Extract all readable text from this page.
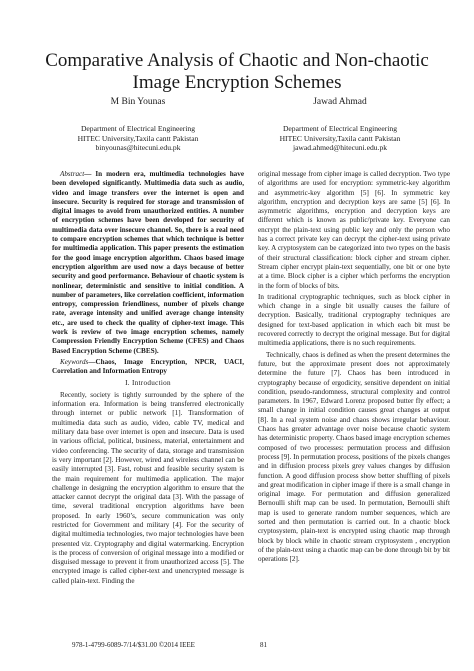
Comparative Analysis of Chaotic and Non-chaotic
Image Encryption Schemes
M Bin Younas
Department of Electrical Engineering
HITEC University,Taxila cantt Pakistan
binyounas@hitecuni.edu.pk
Jawad Ahmad
Department of Electrical Engineering
HITEC University,Taxila cantt Pakistan
jawad.ahmed@hitecuni.edu.pk

Abstract— In modern era, multimedia technologies have been developed significantly. Multimedia data such as audio, video and image transfers over the internet is open and insecure. Security is required for storage and transmission of digital images to avoid from unauthorized entities. A number of encryption schemes have been developed for security of multimedia data over insecure channel. So, there is a real need to compare encryption schemes that which technique is better for multimedia application. This paper presents the estimation for the good image encryption algorithm. Chaos based image encryption algorithm are used now a days because of better security and good performance. Behaviour of chaotic system is nonlinear, deterministic and sensitive to initial condition. A number of parameters, like correlation coefficient, information entropy, compression friendliness, number of pixels change rate, average intensity and unified average change intensity etc., are used to check the quality of cipher-text image. This work is review of two image encryption schemes, namely Compression Friendly Encryption Scheme (CFES) and Chaos Based Encryption Scheme (CBES).

Keywords—Chaos, Image Encryption, NPCR, UACI, Correlation and Information Entropy

I. Introduction

Recently, society is tightly surrounded by the sphere of the information era. Information is being transferred electronically through internet or public network [1]. Transformation of multimedia data such as audio, video, cable TV, medical and military data base over internet is open and insecure. Data is used in various official, political, business, material, entertainment and video conferencing. The security of data, storage and transmission is very important [2]. However, wired and wireless channel can be easily interrupted [3]. Fast, robust and feasible security system is the main requirement for multimedia application. The major challenge in designing the encryption algorithm to ensure that the attacker cannot decrypt the original data [3]. With the passage of time, several traditional encryption algorithms have been proposed. In early 1960’s, secure communication was only restricted for Government and military [4]. For the security of digital multimedia technologies, two major technologies have been presented viz. Cryptography and digital watermarking. Encryption is the process of conversion of original message into a modified or disguised message to prevent it from unauthorized access [5]. The encrypted image is called cipher-text and unencrypted message is called plain-text. Finding the

original message from cipher image is called decryption. Two type of algorithms are used for encryption: symmetric-key algorithm and asymmetric-key algorithm [5] [6]. In symmetric key algorithm, encryption and decryption keys are same [5] [6]. In asymmetric algorithms, encryption and decryption keys are different which is known as public/private key. Everyone can encrypt the plain-text using public key and only the person who has a correct private key can decrypt the cipher-text using private key. A cryptosystem can be categorized into two types on the basis of their structural classification: block cipher and stream cipher. Stream cipher encrypt plain-text sequentially, one bit or one byte at a time. Block cipher is a cipher which performs the encryption in the form of blocks of bits.

In traditional cryptographic techniques, such as block cipher in which change in a single bit usually causes the failure of decryption. Basically, traditional cryptography techniques are designed for text-based application in which each bit must be recovered correctly to decrypt the original message. But for digital multimedia applications, there is no such requirements.

Technically, chaos is defined as when the present determines the future, but the approximate present does not approximately determine the future [7]. Chaos has been introduced in cryptography because of ergodicity, sensitive dependent on initial condition, pseudo-randomness, structural complexity and control parameters. In 1967, Edward Lorenz proposed butter fly effect; a small change in initial condition causes great changes at output [8]. In a real system noise and chaos shows irregular behaviour. Chaos has greater advantage over noise because chaotic system has deterministic property. Chaos based image encryption schemes composed of two processes: permutation process and diffusion process [9]. In permutation process, positions of the pixels changes and in diffusion process pixels grey values changes by diffusion function. A good diffusion process show better shuffling of pixels and great modification in cipher image if there is a small change in original image. For permutation and diffusion generalized Bernoulli shift map can be used. In permutation, Bernoulli shift map is used to generate random number sequences, which are sorted and then permutation is carried out. In a chaotic block cryptosystem, plain-text is encrypted using chaotic map through block by block while in chaotic stream cryptosystem , encryption of the plain-text using a chaotic map can be done through bit by bit operations [2].

978-1-4799-6089-7/14/$31.00 ©2014 IEEE	81
